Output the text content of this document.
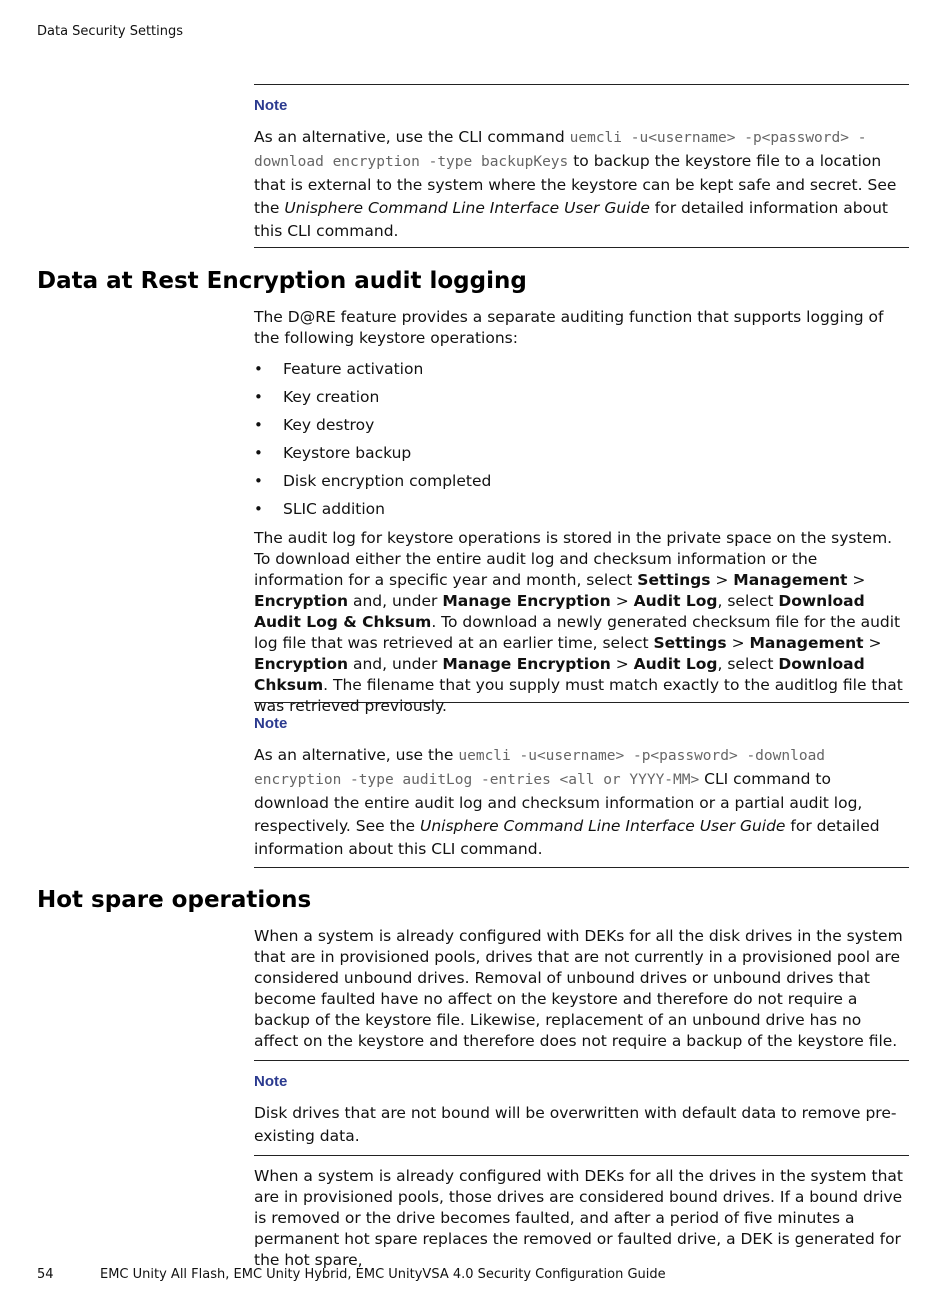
Data Security Settings

Note

As an alternative, use the CLI command uemcli -u<username> -p<password> -download encryption -type backupKeys to backup the keystore file to a location that is external to the system where the keystore can be kept safe and secret. See the Unisphere Command Line Interface User Guide for detailed information about this CLI command.

Data at Rest Encryption audit logging

The D@RE feature provides a separate auditing function that supports logging of the following keystore operations:

• Feature activation
• Key creation
• Key destroy
• Keystore backup
• Disk encryption completed
• SLIC addition

The audit log for keystore operations is stored in the private space on the system. To download either the entire audit log and checksum information or the information for a specific year and month, select Settings > Management > Encryption and, under Manage Encryption > Audit Log, select Download Audit Log & Chksum. To download a newly generated checksum file for the audit log file that was retrieved at an earlier time, select Settings > Management > Encryption and, under Manage Encryption > Audit Log, select Download Chksum. The filename that you supply must match exactly to the auditlog file that was retrieved previously.

Note

As an alternative, use the uemcli -u<username> -p<password> -download encryption -type auditLog -entries <all or YYYY-MM> CLI command to download the entire audit log and checksum information or a partial audit log, respectively. See the Unisphere Command Line Interface User Guide for detailed information about this CLI command.

Hot spare operations

When a system is already configured with DEKs for all the disk drives in the system that are in provisioned pools, drives that are not currently in a provisioned pool are considered unbound drives. Removal of unbound drives or unbound drives that become faulted have no affect on the keystore and therefore do not require a backup of the keystore file. Likewise, replacement of an unbound drive has no affect on the keystore and therefore does not require a backup of the keystore file.

Note

Disk drives that are not bound will be overwritten with default data to remove pre-existing data.

When a system is already configured with DEKs for all the drives in the system that are in provisioned pools, those drives are considered bound drives. If a bound drive is removed or the drive becomes faulted, and after a period of five minutes a permanent hot spare replaces the removed or faulted drive, a DEK is generated for the hot spare,

54	EMC Unity All Flash, EMC Unity Hybrid, EMC UnityVSA 4.0 Security Configuration Guide
